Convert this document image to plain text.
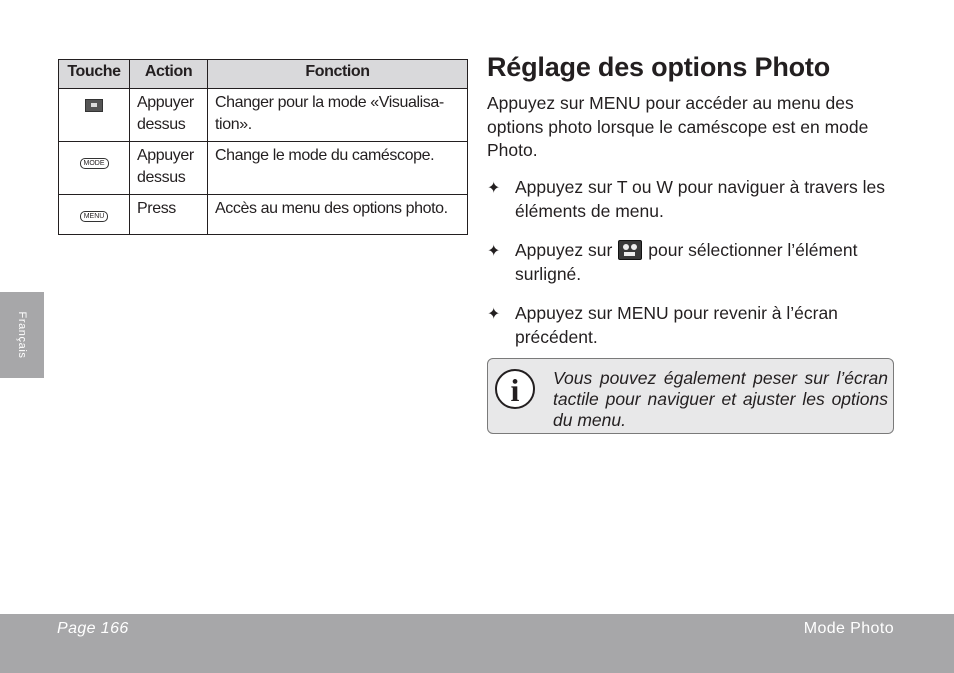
Touche	Action	Fonction
	Appuyer dessus	Changer pour la mode «Visualisa-tion».
MODE	Appuyer dessus	Change le mode du caméscope.
MENU	Press	Accès au menu des options photo.
Réglage des options Photo

Appuyez sur MENU pour accéder au menu des options photo lorsque le caméscope est en mode Photo.

✦ Appuyez sur T ou W pour naviguer à travers les éléments de menu.
✦ Appuyez sur pour sélectionner l’élément surligné.
✦ Appuyez sur MENU pour revenir à l’écran précédent.
i	Vous pouvez également peser sur l’écran tactile pour naviguer et ajuster les options du menu.

Français
Page 166	Mode Photo
